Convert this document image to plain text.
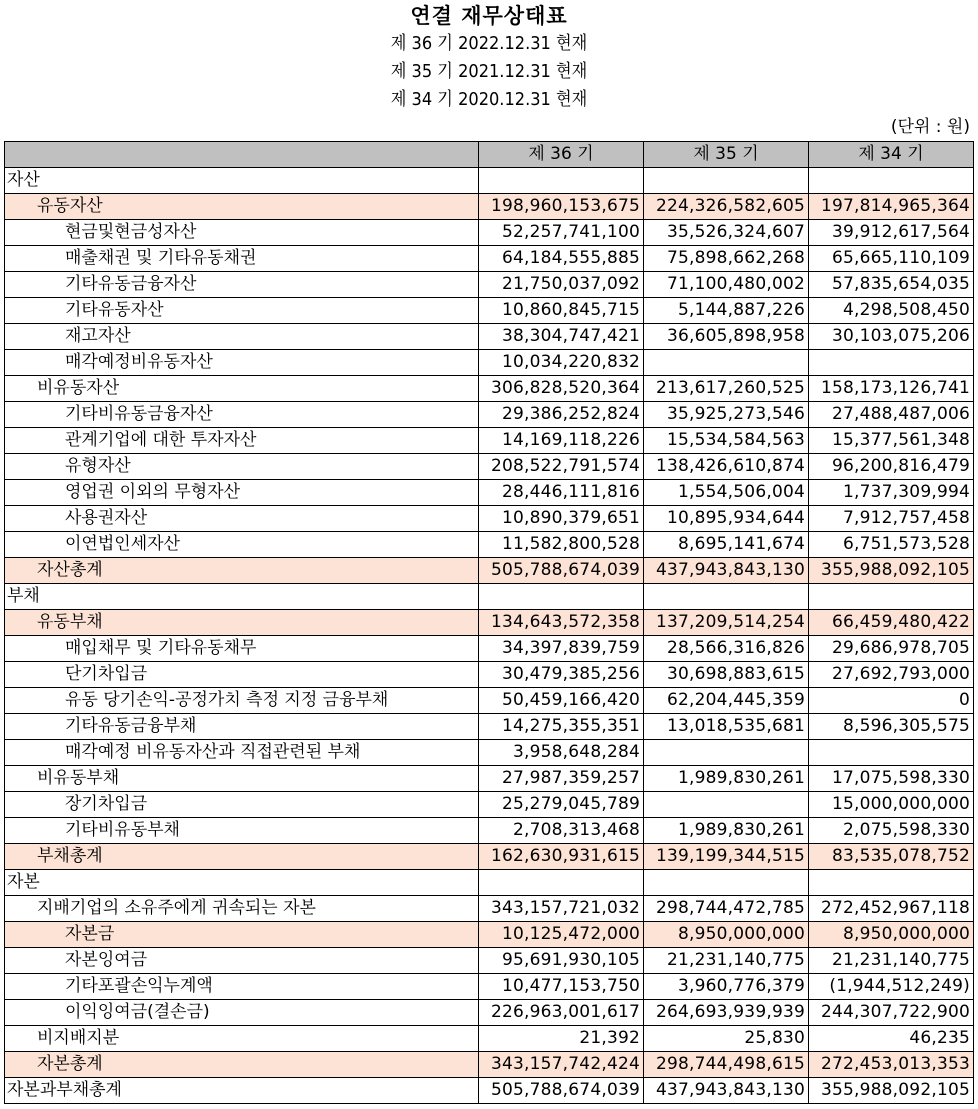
연결 재무상태표
제 36 기 2022.12.31 현재
제 35 기 2021.12.31 현재
제 34 기 2020.12.31 현재
(단위 : 원)
	제 36 기	제 35 기	제 34 기
자산			
유동자산	198,960,153,675	224,326,582,605	197,814,965,364
현금및현금성자산	52,257,741,100	35,526,324,607	39,912,617,564
매출채권 및 기타유동채권	64,184,555,885	75,898,662,268	65,665,110,109
기타유동금융자산	21,750,037,092	71,100,480,002	57,835,654,035
기타유동자산	10,860,845,715	5,144,887,226	4,298,508,450
재고자산	38,304,747,421	36,605,898,958	30,103,075,206
매각예정비유동자산	10,034,220,832		
비유동자산	306,828,520,364	213,617,260,525	158,173,126,741
기타비유동금융자산	29,386,252,824	35,925,273,546	27,488,487,006
관계기업에 대한 투자자산	14,169,118,226	15,534,584,563	15,377,561,348
유형자산	208,522,791,574	138,426,610,874	96,200,816,479
영업권 이외의 무형자산	28,446,111,816	1,554,506,004	1,737,309,994
사용권자산	10,890,379,651	10,895,934,644	7,912,757,458
이연법인세자산	11,582,800,528	8,695,141,674	6,751,573,528
자산총계	505,788,674,039	437,943,843,130	355,988,092,105
부채			
유동부채	134,643,572,358	137,209,514,254	66,459,480,422
매입채무 및 기타유동채무	34,397,839,759	28,566,316,826	29,686,978,705
단기차입금	30,479,385,256	30,698,883,615	27,692,793,000
유동 당기손익-공정가치 측정 지정 금융부채	50,459,166,420	62,204,445,359	0
기타유동금융부채	14,275,355,351	13,018,535,681	8,596,305,575
매각예정 비유동자산과 직접관련된 부채	3,958,648,284		
비유동부채	27,987,359,257	1,989,830,261	17,075,598,330
장기차입금	25,279,045,789		15,000,000,000
기타비유동부채	2,708,313,468	1,989,830,261	2,075,598,330
부채총계	162,630,931,615	139,199,344,515	83,535,078,752
자본			
지배기업의 소유주에게 귀속되는 자본	343,157,721,032	298,744,472,785	272,452,967,118
자본금	10,125,472,000	8,950,000,000	8,950,000,000
자본잉여금	95,691,930,105	21,231,140,775	21,231,140,775
기타포괄손익누계액	10,477,153,750	3,960,776,379	(1,944,512,249)
이익잉여금(결손금)	226,963,001,617	264,693,939,939	244,307,722,900
비지배지분	21,392	25,830	46,235
자본총계	343,157,742,424	298,744,498,615	272,453,013,353
자본과부채총계	505,788,674,039	437,943,843,130	355,988,092,105
